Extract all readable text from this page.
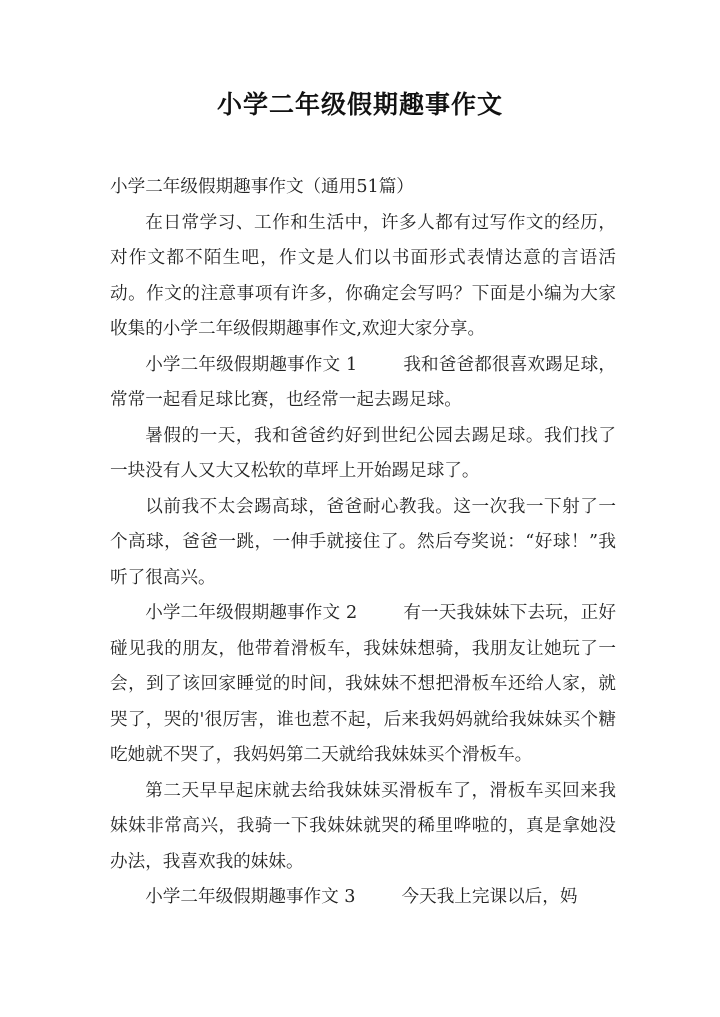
小学二年级假期趣事作文

小学二年级假期趣事作文（通用51篇）

在日常学习、工作和生活中，许多人都有过写作文的经历，对作文都不陌生吧，作文是人们以书面形式表情达意的言语活动。作文的注意事项有许多，你确定会写吗？下面是小编为大家收集的小学二年级假期趣事作文,欢迎大家分享。

小学二年级假期趣事作文 1	我和爸爸都很喜欢踢足球，常常一起看足球比赛，也经常一起去踢足球。

暑假的一天，我和爸爸约好到世纪公园去踢足球。我们找了一块没有人又大又松软的草坪上开始踢足球了。

以前我不太会踢高球，爸爸耐心教我。这一次我一下射了一个高球，爸爸一跳，一伸手就接住了。然后夸奖说：“好球！”我听了很高兴。

小学二年级假期趣事作文 2	有一天我妹妹下去玩，正好碰见我的朋友，他带着滑板车，我妹妹想骑，我朋友让她玩了一会，到了该回家睡觉的时间，我妹妹不想把滑板车还给人家，就哭了，哭的'很厉害，谁也惹不起，后来我妈妈就给我妹妹买个糖吃她就不哭了，我妈妈第二天就给我妹妹买个滑板车。

第二天早早起床就去给我妹妹买滑板车了，滑板车买回来我妹妹非常高兴，我骑一下我妹妹就哭的稀里哗啦的，真是拿她没办法，我喜欢我的妹妹。

小学二年级假期趣事作文 3	今天我上完课以后，妈
